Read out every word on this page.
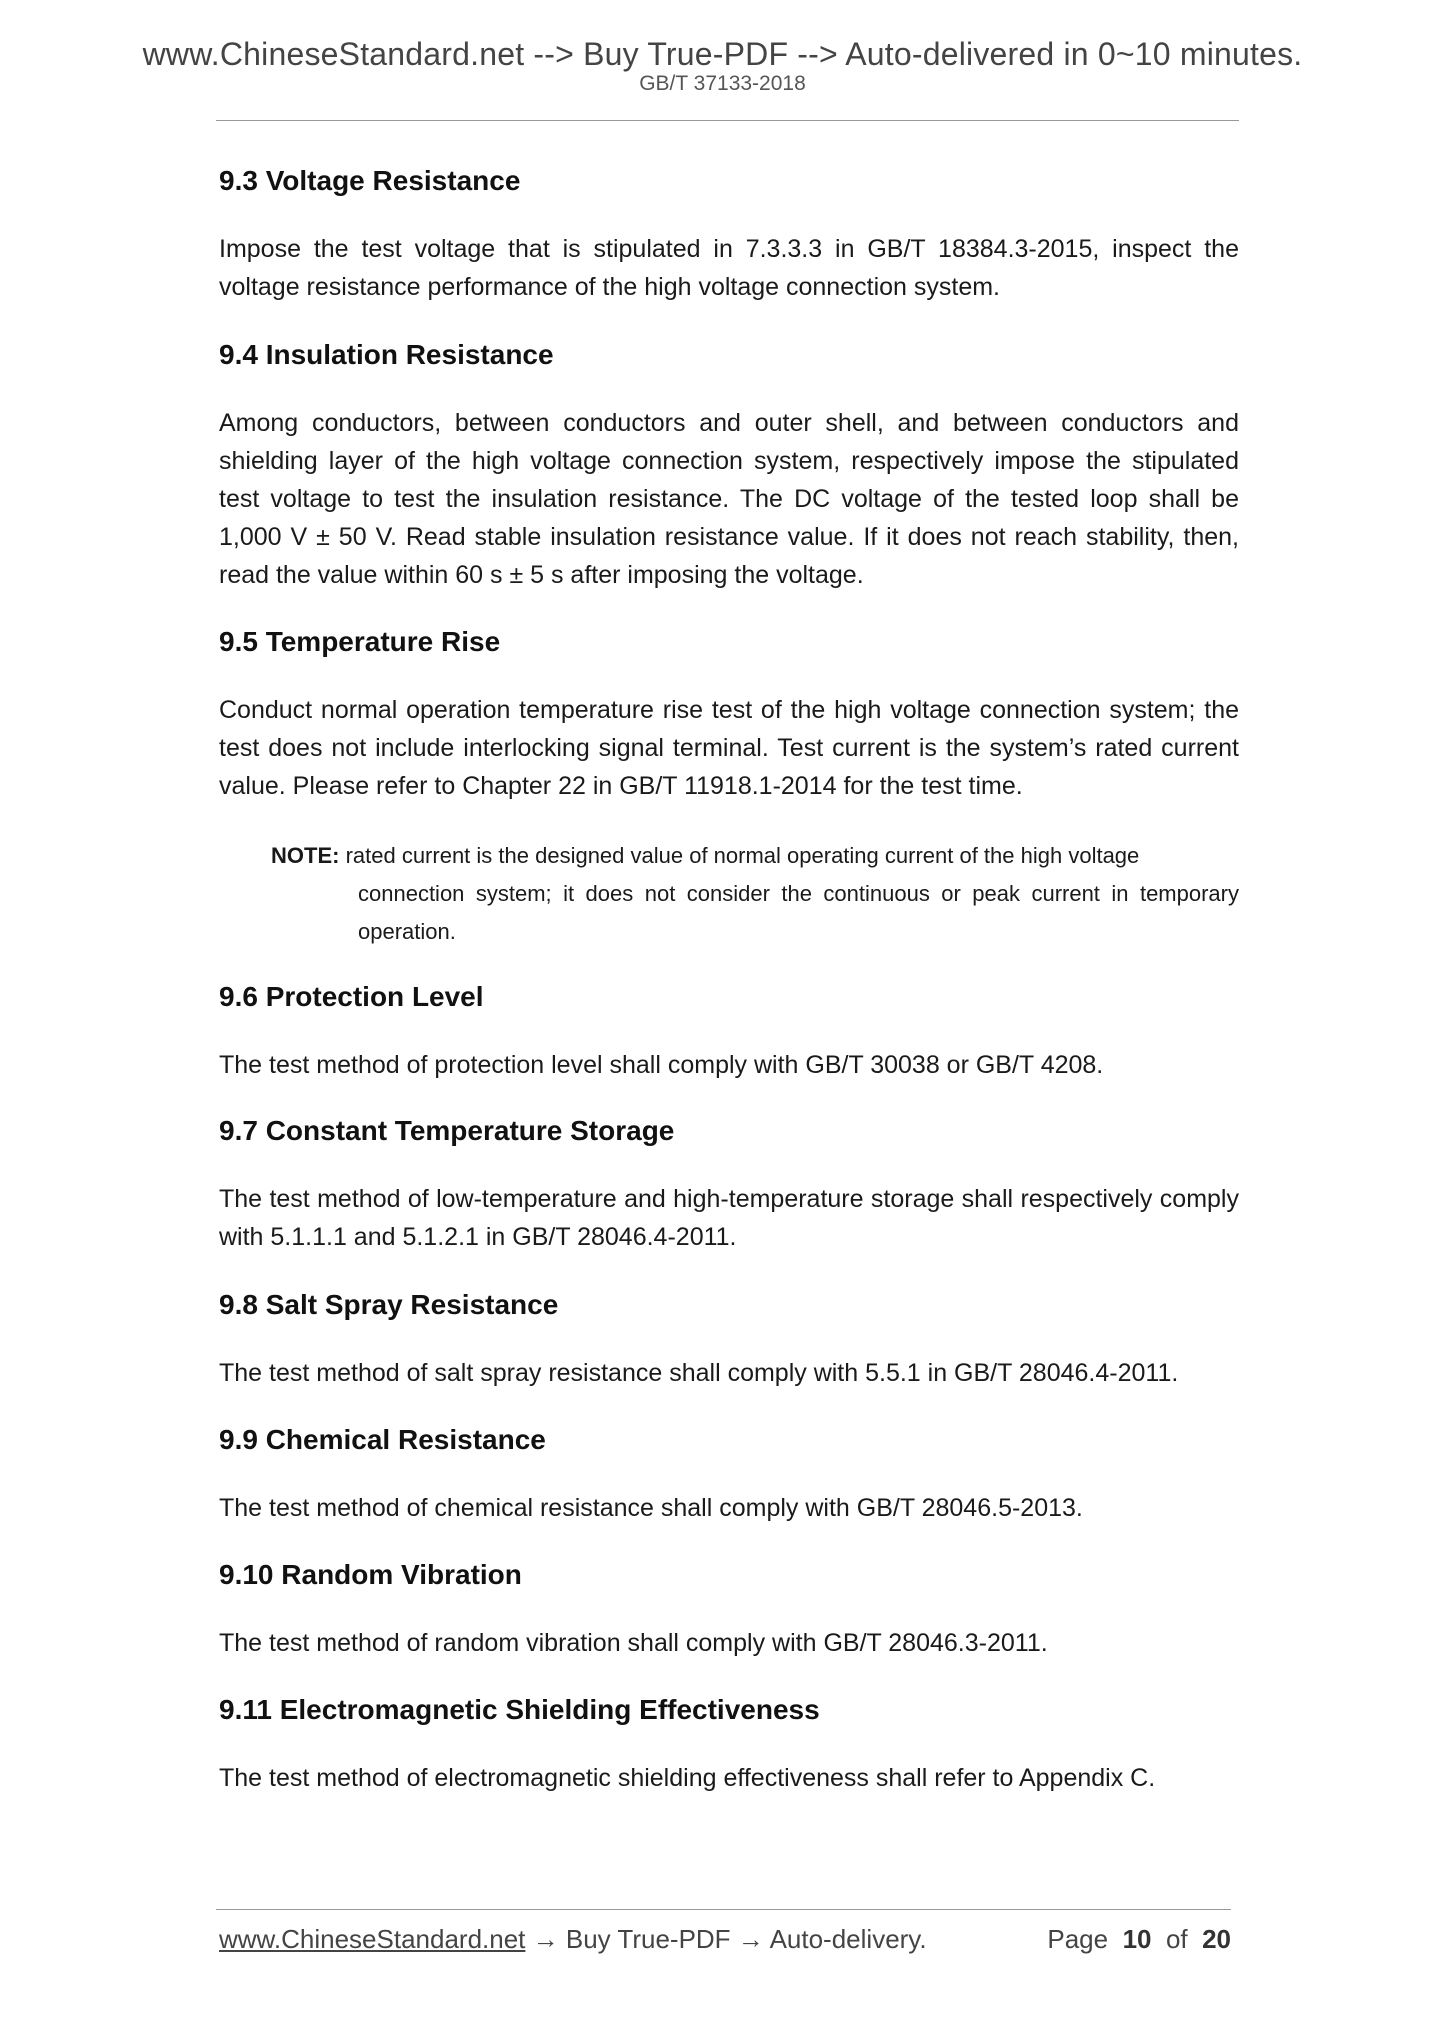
www.ChineseStandard.net --> Buy True-PDF --> Auto-delivered in 0~10 minutes.
GB/T 37133-2018
9.3 Voltage Resistance
Impose the test voltage that is stipulated in 7.3.3.3 in GB/T 18384.3-2015, inspect the voltage resistance performance of the high voltage connection system.
9.4 Insulation Resistance
Among conductors, between conductors and outer shell, and between conductors and shielding layer of the high voltage connection system, respectively impose the stipulated test voltage to test the insulation resistance. The DC voltage of the tested loop shall be 1,000 V ± 50 V. Read stable insulation resistance value. If it does not reach stability, then, read the value within 60 s ± 5 s after imposing the voltage.
9.5 Temperature Rise
Conduct normal operation temperature rise test of the high voltage connection system; the test does not include interlocking signal terminal. Test current is the system’s rated current value. Please refer to Chapter 22 in GB/T 11918.1-2014 for the test time.
NOTE: rated current is the designed value of normal operating current of the high voltage
connection system; it does not consider the continuous or peak current in temporary operation.
9.6 Protection Level
The test method of protection level shall comply with GB/T 30038 or GB/T 4208.
9.7 Constant Temperature Storage
The test method of low-temperature and high-temperature storage shall respectively comply with 5.1.1.1 and 5.1.2.1 in GB/T 28046.4-2011.
9.8 Salt Spray Resistance
The test method of salt spray resistance shall comply with 5.5.1 in GB/T 28046.4-2011.
9.9 Chemical Resistance
The test method of chemical resistance shall comply with GB/T 28046.5-2013.
9.10 Random Vibration
The test method of random vibration shall comply with GB/T 28046.3-2011.
9.11 Electromagnetic Shielding Effectiveness
The test method of electromagnetic shielding effectiveness shall refer to Appendix C.
www.ChineseStandard.net → Buy True-PDF → Auto-delivery.	Page 10 of 20
